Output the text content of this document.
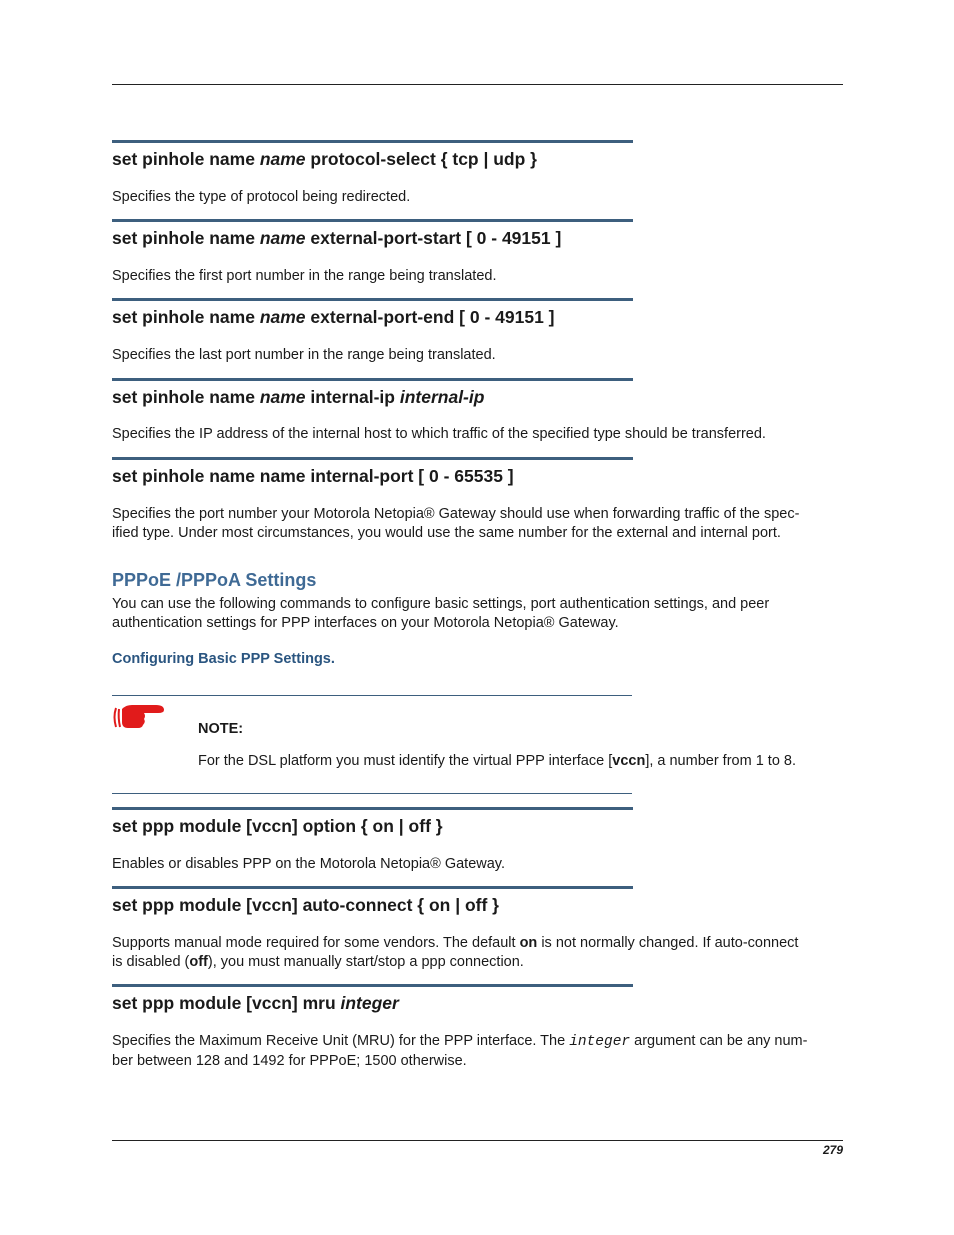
set pinhole name name protocol-select { tcp | udp }

Specifies the type of protocol being redirected.

set pinhole name name external-port-start [ 0 - 49151 ]

Specifies the first port number in the range being translated.

set pinhole name name external-port-end [ 0 - 49151 ]

Specifies the last port number in the range being translated.

set pinhole name name internal-ip internal-ip

Specifies the IP address of the internal host to which traffic of the specified type should be transferred.

set pinhole name name internal-port [ 0 - 65535 ]

Specifies the port number your Motorola Netopia® Gateway should use when forwarding traffic of the spec-
ified type. Under most circumstances, you would use the same number for the external and internal port.

PPPoE /PPPoA Settings

You can use the following commands to configure basic settings, port authentication settings, and peer
authentication settings for PPP interfaces on your Motorola Netopia® Gateway.

Configuring Basic PPP Settings.

NOTE:

For the DSL platform you must identify the virtual PPP interface [vccn], a number from 1 to 8.

set ppp module [vccn] option { on | off }

Enables or disables PPP on the Motorola Netopia® Gateway.

set ppp module [vccn] auto-connect { on | off }

Supports manual mode required for some vendors. The default on is not normally changed. If auto-connect
is disabled (off), you must manually start/stop a ppp connection.

set ppp module [vccn] mru integer

Specifies the Maximum Receive Unit (MRU) for the PPP interface. The integer argument can be any num-
ber between 128 and 1492 for PPPoE; 1500 otherwise.

279
